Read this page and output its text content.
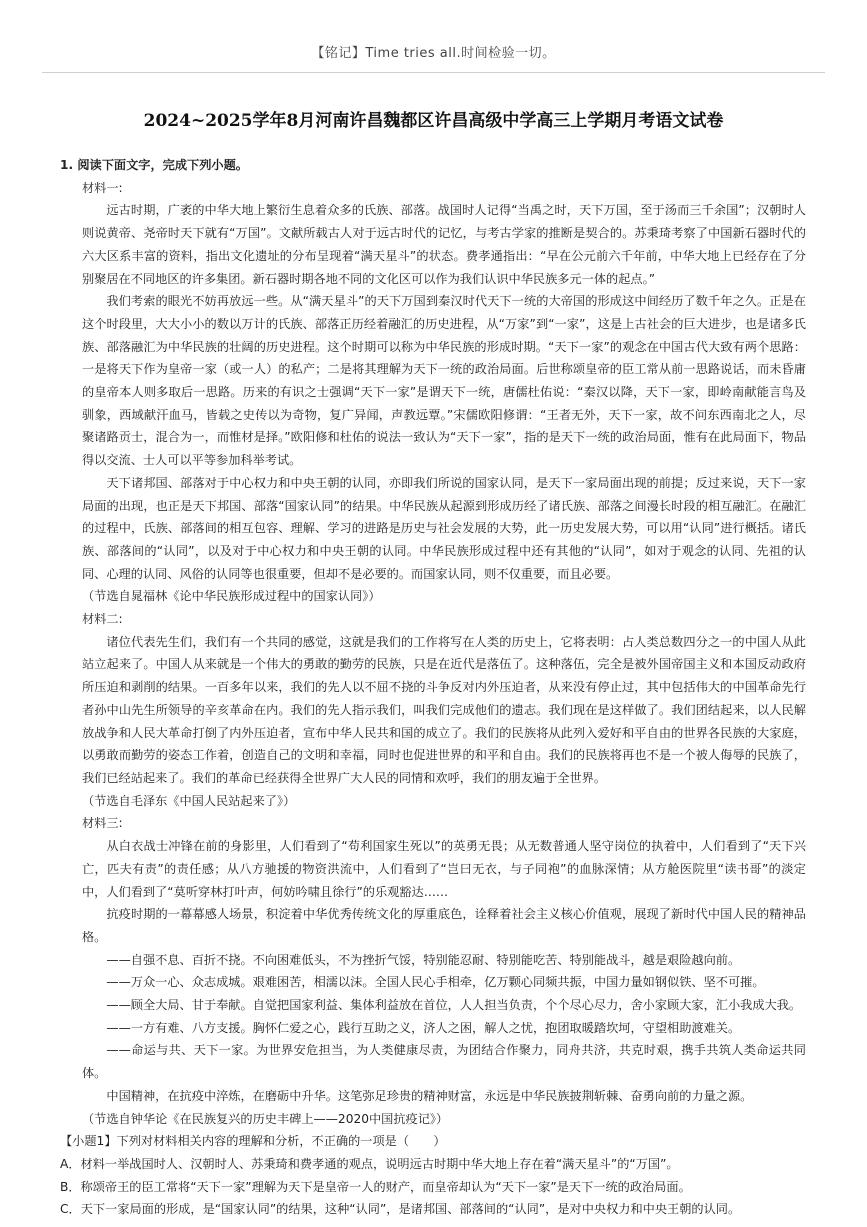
【铭记】Time tries all.时间检验一切。
2024~2025学年8月河南许昌魏都区许昌高级中学高三上学期月考语文试卷

1. 阅读下面文字，完成下列小题。

材料一:

远古时期，广袤的中华大地上繁衍生息着众多的氏族、部落。战国时人记得“当禹之时，天下万国，至于汤而三千余国”；汉朝时人则说黄帝、尧帝时天下就有“万国”。文献所载古人对于远古时代的记忆，与考古学家的推断是契合的。苏秉琦考察了中国新石器时代的六大区系丰富的资料，指出文化遗址的分布呈现着“满天星斗”的状态。费孝通指出：“早在公元前六千年前，中华大地上已经存在了分别聚居在不同地区的许多集团。新石器时期各地不同的文化区可以作为我们认识中华民族多元一体的起点。”

我们考索的眼光不妨再放远一些。从“满天星斗”的天下万国到秦汉时代天下一统的大帝国的形成这中间经历了数千年之久。正是在这个时段里，大大小小的数以万计的氏族、部落正历经着融汇的历史进程，从“万家”到“一家”，这是上古社会的巨大进步，也是诸多氏族、部落融汇为中华民族的壮阔的历史进程。这个时期可以称为中华民族的形成时期。“天下一家”的观念在中国古代大致有两个思路：一是将天下作为皇帝一家（或一人）的私产；二是将其理解为天下一统的政治局面。后世称颂皇帝的臣工常从前一思路说话，而未昏庸的皇帝本人则多取后一思路。历来的有识之士强调“天下一家”是谓天下一统，唐儒杜佑说：“秦汉以降，天下一家，即岭南献能言鸟及驯象，西域献汗血马，皆载之史传以为奇物，复广异闻，声教远覃。”宋儒欧阳修谓：“王者无外，天下一家，故不问东西南北之人，尽聚诸路贡士，混合为一，而惟材是择。”欧阳修和杜佑的说法一致认为“天下一家”，指的是天下一统的政治局面，惟有在此局面下，物品得以交流、士人可以平等参加科举考试。

天下诸邦国、部落对于中心权力和中央王朝的认同，亦即我们所说的国家认同，是天下一家局面出现的前提；反过来说，天下一家局面的出现，也正是天下邦国、部落“国家认同”的结果。中华民族从起源到形成历经了诸氏族、部落之间漫长时段的相互融汇。在融汇的过程中，氏族、部落间的相互包容、理解、学习的进路是历史与社会发展的大势，此一历史发展大势，可以用“认同”进行概括。诸氏族、部落间的“认同”，以及对于中心权力和中央王朝的认同。中华民族形成过程中还有其他的“认同”，如对于观念的认同、先祖的认同、心理的认同、风俗的认同等也很重要，但却不是必要的。而国家认同，则不仅重要，而且必要。

（节选自晁福林《论中华民族形成过程中的国家认同》）

材料二:

诸位代表先生们，我们有一个共同的感觉，这就是我们的工作将写在人类的历史上，它将表明：占人类总数四分之一的中国人从此站立起来了。中国人从来就是一个伟大的勇敢的勤劳的民族，只是在近代是落伍了。这种落伍，完全是被外国帝国主义和本国反动政府所压迫和剥削的结果。一百多年以来，我们的先人以不屈不挠的斗争反对内外压迫者，从来没有停止过，其中包括伟大的中国革命先行者孙中山先生所领导的辛亥革命在内。我们的先人指示我们，叫我们完成他们的遗志。我们现在是这样做了。我们团结起来，以人民解放战争和人民大革命打倒了内外压迫者，宣布中华人民共和国的成立了。我们的民族将从此列入爱好和平自由的世界各民族的大家庭，以勇敢而勤劳的姿态工作着，创造自己的文明和幸福，同时也促进世界的和平和自由。我们的民族将再也不是一个被人侮辱的民族了，我们已经站起来了。我们的革命已经获得全世界广大人民的同情和欢呼，我们的朋友遍于全世界。

（节选自毛泽东《中国人民站起来了》）

材料三:

从白衣战士冲锋在前的身影里，人们看到了“苟利国家生死以”的英勇无畏；从无数普通人坚守岗位的执着中，人们看到了“天下兴亡，匹夫有责”的责任感；从八方驰援的物资洪流中，人们看到了“岂曰无衣，与子同袍”的血脉深情；从方舱医院里“读书哥”的淡定中，人们看到了“莫听穿林打叶声，何妨吟啸且徐行”的乐观豁达……

抗疫时期的一幕幕感人场景，积淀着中华优秀传统文化的厚重底色，诠释着社会主义核心价值观，展现了新时代中国人民的精神品格。

——自强不息、百折不挠。不向困难低头，不为挫折气馁，特别能忍耐、特别能吃苦、特别能战斗，越是艰险越向前。

——万众一心、众志成城。艰难困苦，相濡以沫。全国人民心手相牵，亿万颗心同频共振，中国力量如钢似铁、坚不可摧。

——顾全大局、甘于奉献。自觉把国家利益、集体利益放在首位，人人担当负责，个个尽心尽力，舍小家顾大家，汇小我成大我。

——一方有难、八方支援。胸怀仁爱之心，践行互助之义，济人之困，解人之忧，抱团取暖踏坎坷，守望相助渡难关。

——命运与共、天下一家。为世界安危担当，为人类健康尽责，为团结合作聚力，同舟共济，共克时艰，携手共筑人类命运共同体。

中国精神，在抗疫中淬炼，在磨砺中升华。这笔弥足珍贵的精神财富，永远是中华民族披荆斩棘、奋勇向前的力量之源。

（节选自钟华论《在民族复兴的历史丰碑上——2020中国抗疫记》）

【小题1】下列对材料相关内容的理解和分析，不正确的一项是（　　）

A．材料一举战国时人、汉朝时人、苏秉琦和费孝通的观点，说明远古时期中华大地上存在着“满天星斗”的“万国”。

B．称颂帝王的臣工常将“天下一家”理解为天下是皇帝一人的财产，而皇帝却认为“天下一家”是天下一统的政治局面。

C．天下一家局面的形成，是“国家认同”的结果，这种“认同”，是诸邦国、部落间的“认同”，是对中央权力和中央王朝的认同。
